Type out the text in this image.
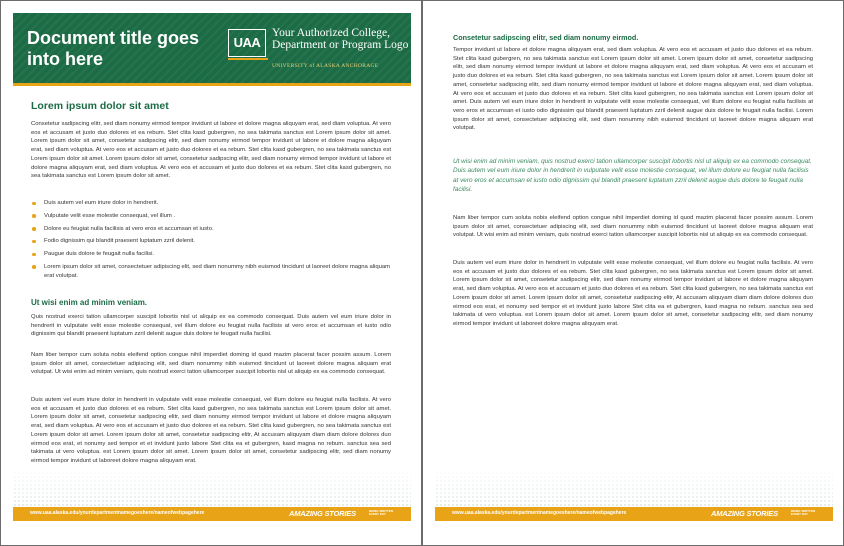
Document title goes into here
UAA
Your Authorized College,
Department or Program Logo
UNIVERSITY of ALASKA ANCHORAGE
Lorem ipsum dolor sit amet

Consetetur sadipscing elitr, sed diam nonumy eirmod tempor invidunt ut labore et dolore magna aliquyam erat, sed diam voluptua. At vero eos et accusam et justo duo dolores et ea rebum. Stet clita kasd gubergren, no sea takimata sanctus est Lorem ipsum dolor sit amet. Lorem ipsum dolor sit amet, consetetur sadipscing elitr, sed diam nonumy eirmod tempor invidunt ut labore et dolore magna aliquyam erat, sed diam voluptua. At vero eos et accusam et justo duo dolores et ea rebum. Stet clita kasd gubergren, no sea takimata sanctus est Lorem ipsum dolor sit amet. Lorem ipsum dolor sit amet, consetetur sadipscing elitr, sed diam nonumy eirmod tempor invidunt ut labore et dolore magna aliquyam erat, sed diam voluptua. At vero eos et accusam et justo duo dolores et ea rebum. Stet clita kasd gubergren, no sea takimata sanctus est Lorem ipsum dolor sit amet.

Duis autem vel eum iriure dolor in hendrerit.
Vulputate velit esse molestie consequat, vel illum .
Dolore eu feugiat nulla facilisis at vero eros et accumsan et iusto.
Fodio dignissim qui blandit praesent luptatum zzril delenit.
Paugue duis dolore te feugait nulla facilisi.
Lorem ipsum dolor sit amet, consectetuer adipiscing elit, sed diam nonummy nibh euismod tincidunt ut laoreet dolore magna aliquam erat volutpat.
Ut wisi enim ad minim veniam.

Quis nostrud exerci tation ullamcorper suscipit lobortis nisl ut aliquip ex ea commodo consequat. Duis autem vel eum iriure dolor in hendrerit in vulputate velit esse molestie consequat, vel illum dolore eu feugiat nulla facilisis at vero eros et accumsan et iusto odio dignissim qui blandit praesent luptatum zzril delenit augue duis dolore te feugait nulla facilisi.

Nam liber tempor cum soluta nobis eleifend option congue nihil imperdiet doming id quod mazim placerat facer possim assum. Lorem ipsum dolor sit amet, consectetuer adipiscing elit, sed diam nonummy nibh euismod tincidunt ut laoreet dolore magna aliquam erat volutpat. Ut wisi enim ad minim veniam, quis nostrud exerci tation ullamcorper suscipit lobortis nisl ut aliquip ex ea commodo consequat.

Duis autem vel eum iriure dolor in hendrerit in vulputate velit esse molestie consequat, vel illum dolore eu feugiat nulla facilisis. At vero eos et accusam et justo duo dolores et ea rebum. Stet clita kasd gubergren, no sea takimata sanctus est Lorem ipsum dolor sit amet. Lorem ipsum dolor sit amet, consetetur sadipscing elitr, sed diam nonumy eirmod tempor invidunt ut labore et dolore magna aliquyam erat, sed diam voluptua. At vero eos et accusam et justo duo dolores et ea rebum. Stet clita kasd gubergren, no sea takimata sanctus est Lorem ipsum dolor sit amet. Lorem ipsum dolor sit amet, consetetur sadipscing elitr, At accusam aliquyam diam diam dolore dolores duo eirmod eos erat, et nonumy sed tempor et et invidunt justo labore Stet clita ea et gubergren, kasd magna no rebum. sanctus sea sed takimata ut vero voluptua. est Lorem ipsum dolor sit amet. Lorem ipsum dolor sit amet, consetetur sadipscing elitr, sed diam nonumy eirmod tempor invidunt ut laboreet dolore magna aliquyam erat.

www.uaa.alaska.edu/yourdepartmentnamegoeshere/nameofwebpagehere	AMAZING STORIES	BEING WRITTEN EVERY DAY
Consetetur sadipscing elitr, sed diam nonumy eirmod.

Tempor invidunt ut labore et dolore magna aliquyam erat, sed diam voluptua. At vero eos et accusam et justo duo dolores et ea rebum. Stet clita kasd gubergren, no sea takimata sanctus est Lorem ipsum dolor sit amet. Lorem ipsum dolor sit amet, consetetur sadipscing elitr, sed diam nonumy eirmod tempor invidunt ut labore et dolore magna aliquyam erat, sed diam voluptua. At vero eos et accusam et justo duo dolores et ea rebum. Stet clita kasd gubergren, no sea takimata sanctus est Lorem ipsum dolor sit amet. Lorem ipsum dolor sit amet, consetetur sadipscing elitr, sed diam nonumy eirmod tempor invidunt ut labore et dolore magna aliquyam erat, sed diam voluptua. At vero eos et accusam et justo duo dolores et ea rebum. Stet clita kasd gubergren, no sea takimata sanctus est Lorem ipsum dolor sit amet. Duis autem vel eum iriure dolor in hendrerit in vulputate velit esse molestie consequat, vel illum dolore eu feugiat nulla facilisis at vero eros et accumsan et iusto odio dignissim qui blandit praesent luptatum zzril delenit augue duis dolore te feugait nulla facilisi. Lorem ipsum dolor sit amet, consectetuer adipiscing elit, sed diam nonummy nibh euismod tincidunt ut laoreet dolore magna aliquam erat volutpat.

Ut wisi enim ad minim veniam, quis nostrud exerci tation ullamcorper suscipit lobortis nisl ut aliquip ex ea commodo consequat. Duis autem vel eum iriure dolor in hendrerit in vulputate velit esse molestie consequat, vel illum dolore eu feugiat nulla facilisis at vero eros et accumsan et iusto odio dignissim qui blandit praesent luptatum zzril delenit augue duis dolore te feugait nulla facilisi.

Nam liber tempor cum soluta nobis eleifend option congue nihil imperdiet doming id quod mazim placerat facer possim assum. Lorem ipsum dolor sit amet, consectetuer adipiscing elit, sed diam nonummy nibh euismod tincidunt ut laoreet dolore magna aliquam erat volutpat. Ut wisi enim ad minim veniam, quis nostrud exerci tation ullamcorper suscipit lobortis nisl ut aliquip ex ea commodo consequat.

Duis autem vel eum iriure dolor in hendrerit in vulputate velit esse molestie consequat, vel illum dolore eu feugiat nulla facilisis. At vero eos et accusam et justo duo dolores et ea rebum. Stet clita kasd gubergren, no sea takimata sanctus est Lorem ipsum dolor sit amet. Lorem ipsum dolor sit amet, consetetur sadipscing elitr, sed diam nonumy eirmod tempor invidunt ut labore et dolore magna aliquyam erat, sed diam voluptua. At vero eos et accusam et justo duo dolores et ea rebum. Stet clita kasd gubergren, no sea takimata sanctus est Lorem ipsum dolor sit amet. Lorem ipsum dolor sit amet, consetetur sadipscing elitr, At accusam aliquyam diam diam dolore dolores duo eirmod eos erat, et nonumy sed tempor et et invidunt justo labore Stet clita ea et gubergren, kasd magna no rebum. sanctus sea sed takimata ut vero voluptua. est Lorem ipsum dolor sit amet. Lorem ipsum dolor sit amet, consetetur sadipscing elitr, sed diam nonumy eirmod tempor invidunt ut laboreet dolore magna aliquyam erat.

www.uaa.alaska.edu/yourdepartmentnamegoeshere/nameofwebpagehere	AMAZING STORIES	BEING WRITTEN EVERY DAY
